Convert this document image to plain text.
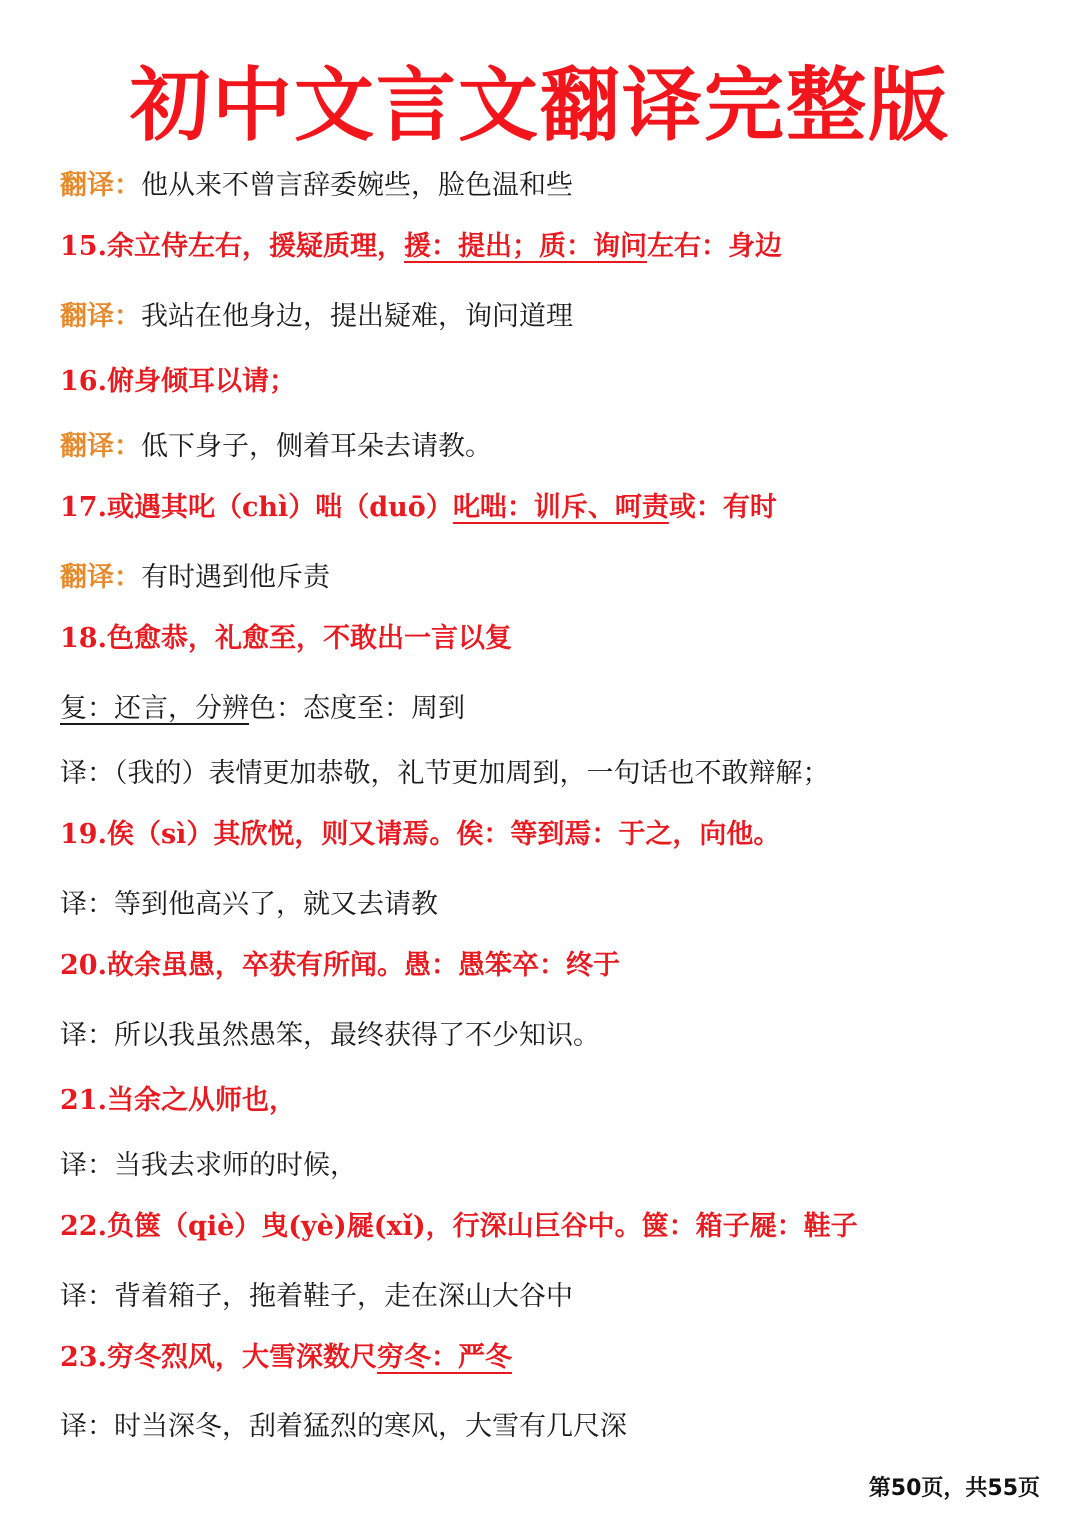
初中文言文翻译完整版
翻译：他从来不曾言辞委婉些，脸色温和些
15.余立侍左右，援疑质理，援：提出；质：询问左右：身边
翻译：我站在他身边，提出疑难，询问道理
16.俯身倾耳以请；
翻译：低下身子，侧着耳朵去请教。
17.或遇其叱（chì）咄（duō）叱咄：训斥、呵责或：有时
翻译：有时遇到他斥责
18.色愈恭，礼愈至，不敢出一言以复
复：还言，分辨色：态度至：周到
译：（我的）表情更加恭敬，礼节更加周到，一句话也不敢辩解；
19.俟（sì）其欣悦，则又请焉。俟：等到焉：于之，向他。
译：等到他高兴了，就又去请教
20.故余虽愚，卒获有所闻。愚：愚笨卒：终于
译：所以我虽然愚笨，最终获得了不少知识。
21.当余之从师也，
译：当我去求师的时候，
22.负箧（qiè）曳(yè)屣(xǐ)，行深山巨谷中。箧：箱子屣：鞋子
译：背着箱子，拖着鞋子，走在深山大谷中
23.穷冬烈风，大雪深数尺穷冬：严冬
译：时当深冬，刮着猛烈的寒风，大雪有几尺深
第50页，共55页
